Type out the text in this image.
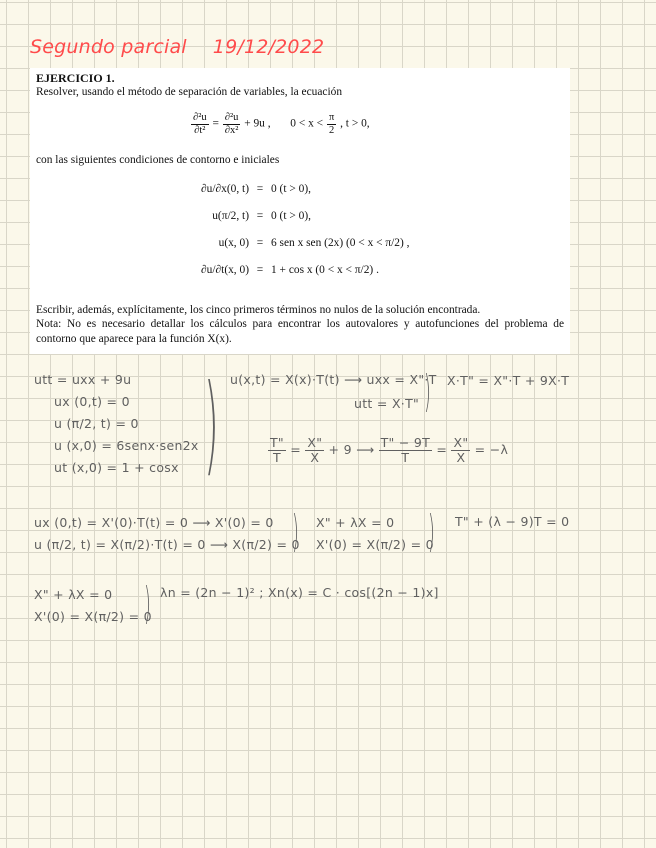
Segundo parcial 19/12/2022
EJERCICIO 1.
Resolver, usando el método de separación de variables, la ecuación
$\frac{\text{∂²u}}{\text{∂t²}} = \frac{\text{∂²u}}{\text{∂x²}} + 9u$ , $0 < x < \frac{\pi}{2}$ , t > 0,
con las siguientes condiciones de contorno e iniciales
∂u/∂x(0, t) = 0 (t > 0),
u(π/2, t) = 0 (t > 0),
u(x, 0) = 6 sen x sen (2x) (0 < x < π/2) ,
∂u/∂t(x, 0) = 1 + cos x (0 < x < π/2) .
Escribir, además, explícitamente, los cinco primeros términos no nulos de la solución encontrada.
Nota: No es necesario detallar los cálculos para encontrar los autovalores y autofunciones del problema de contorno que aparece para la función X(x).
utt = uxx + 9u
ux (0,t) = 0
u (π/2, t) = 0
u (x,0) = 6senx·sen2x
ut (x,0) = 1 + cosx ) u(x,t) = X(x)·T(t) ⟶ uxx = X"·T
utt = X·T" ) X·T" = X"·T + 9X·T
$\frac{T"}{T} = \frac{X"}{X} + 9$ ⟶ $\frac{T" - 9T}{T} = \frac{X"}{X} = -\lambda$
ux (0,t) = X'(0)·T(t) = 0 ⟶ X'(0) = 0
u (π/2, t) = X(π/2)·T(t) = 0 ⟶ X(π/2) = 0
) X" + λX = 0
X'(0) = X(π/2) = 0
) T" + (λ − 9)T = 0
X" + λX = 0
X'(0) = X(π/2) = 0
) λn = (2n − 1)² ; Xn(x) = C · cos[(2n − 1)x]
